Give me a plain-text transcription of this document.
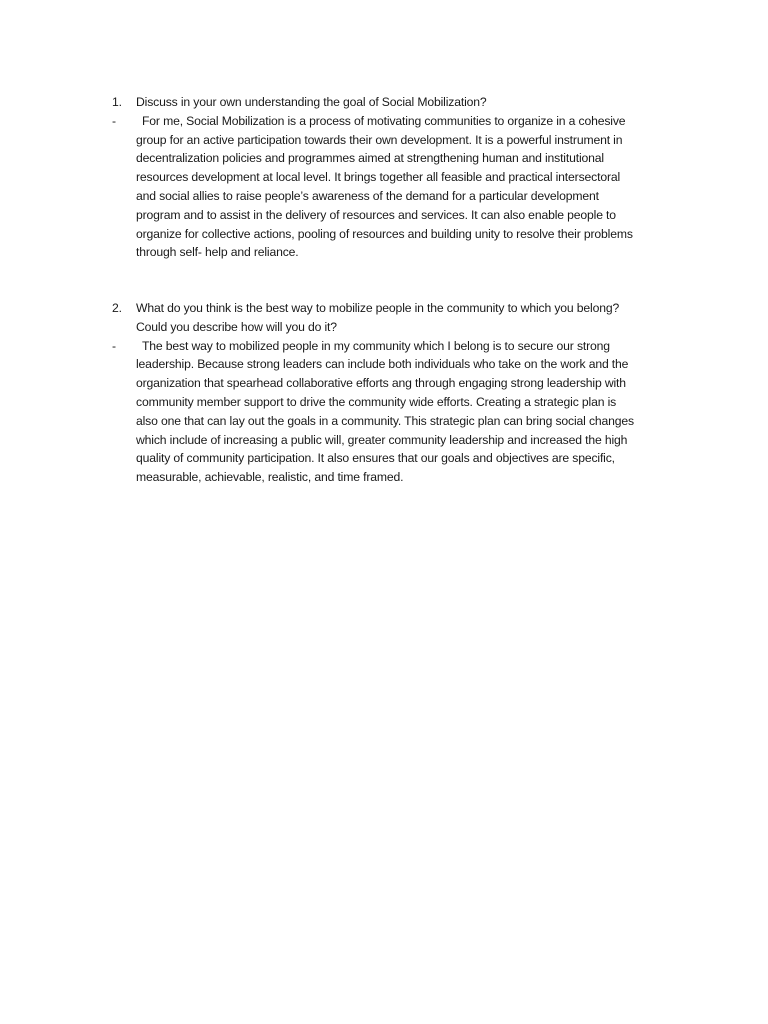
1.	Discuss in your own understanding the goal of Social Mobilization?
-	For me, Social Mobilization is a process of motivating communities to organize in a cohesive
group for an active participation towards their own development. It is a powerful instrument in
decentralization policies and programmes aimed at strengthening human and institutional
resources development at local level. It brings together all feasible and practical intersectoral
and social allies to raise people’s awareness of the demand for a particular development
program and to assist in the delivery of resources and services. It can also enable people to
organize for collective actions, pooling of resources and building unity to resolve their problems
through self- help and reliance.
2.	What do you think is the best way to mobilize people in the community to which you belong?
Could you describe how will you do it?
-	The best way to mobilized people in my community which I belong is to secure our strong
leadership. Because strong leaders can include both individuals who take on the work and the
organization that spearhead collaborative efforts ang through engaging strong leadership with
community member support to drive the community wide efforts. Creating a strategic plan is
also one that can lay out the goals in a community. This strategic plan can bring social changes
which include of increasing a public will, greater community leadership and increased the high
quality of community participation. It also ensures that our goals and objectives are specific,
measurable, achievable, realistic, and time framed.
